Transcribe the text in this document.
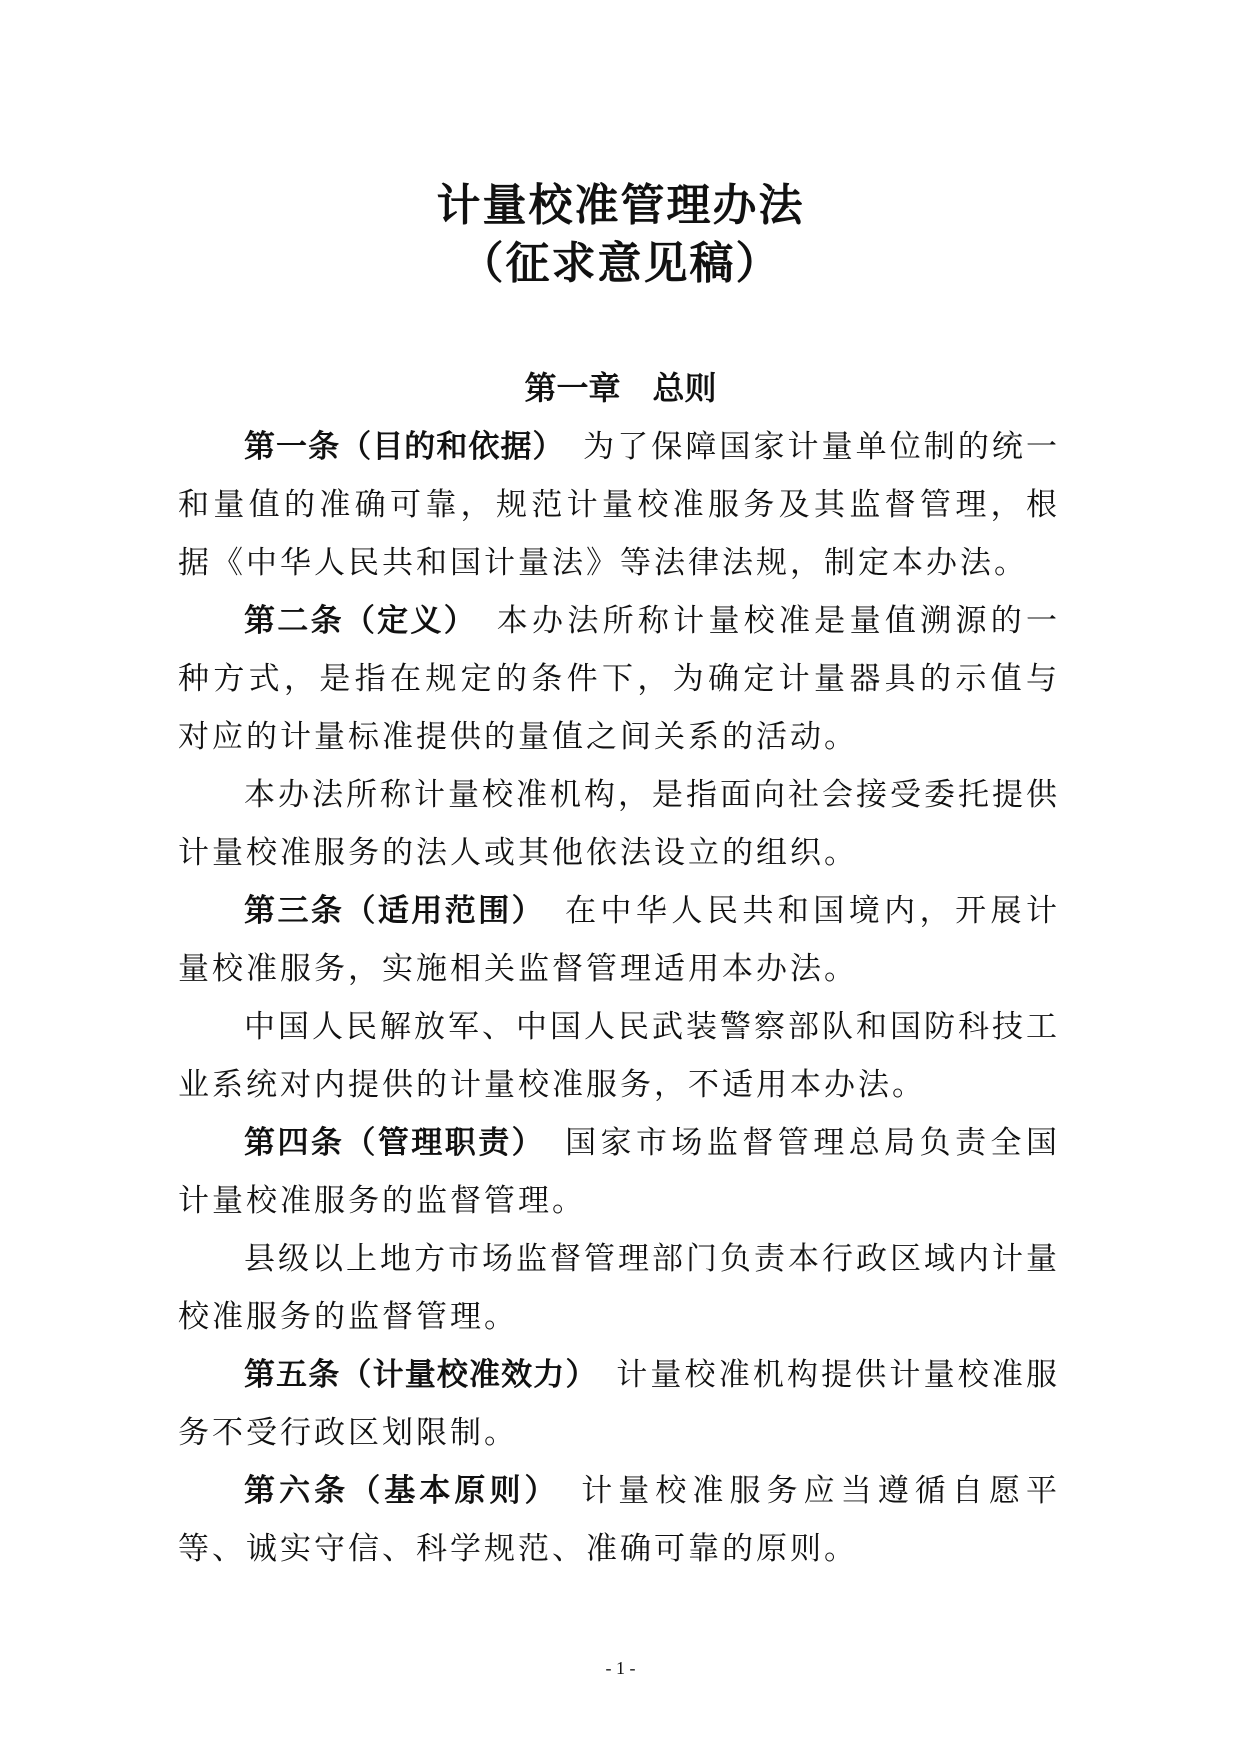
计量校准管理办法
（征求意见稿）
第一章　总则

第一条（目的和依据）　为了保障国家计量单位制的统一和量值的准确可靠，规范计量校准服务及其监督管理，根据《中华人民共和国计量法》等法律法规，制定本办法。

第二条（定义）　本办法所称计量校准是量值溯源的一种方式，是指在规定的条件下，为确定计量器具的示值与对应的计量标准提供的量值之间关系的活动。

本办法所称计量校准机构，是指面向社会接受委托提供计量校准服务的法人或其他依法设立的组织。

第三条（适用范围）　在中华人民共和国境内，开展计量校准服务，实施相关监督管理适用本办法。

中国人民解放军、中国人民武装警察部队和国防科技工业系统对内提供的计量校准服务，不适用本办法。

第四条（管理职责）　国家市场监督管理总局负责全国计量校准服务的监督管理。

县级以上地方市场监督管理部门负责本行政区域内计量校准服务的监督管理。

第五条（计量校准效力）　计量校准机构提供计量校准服务不受行政区划限制。

第六条（基本原则）　计量校准服务应当遵循自愿平等、诚实守信、科学规范、准确可靠的原则。

- 1 -
